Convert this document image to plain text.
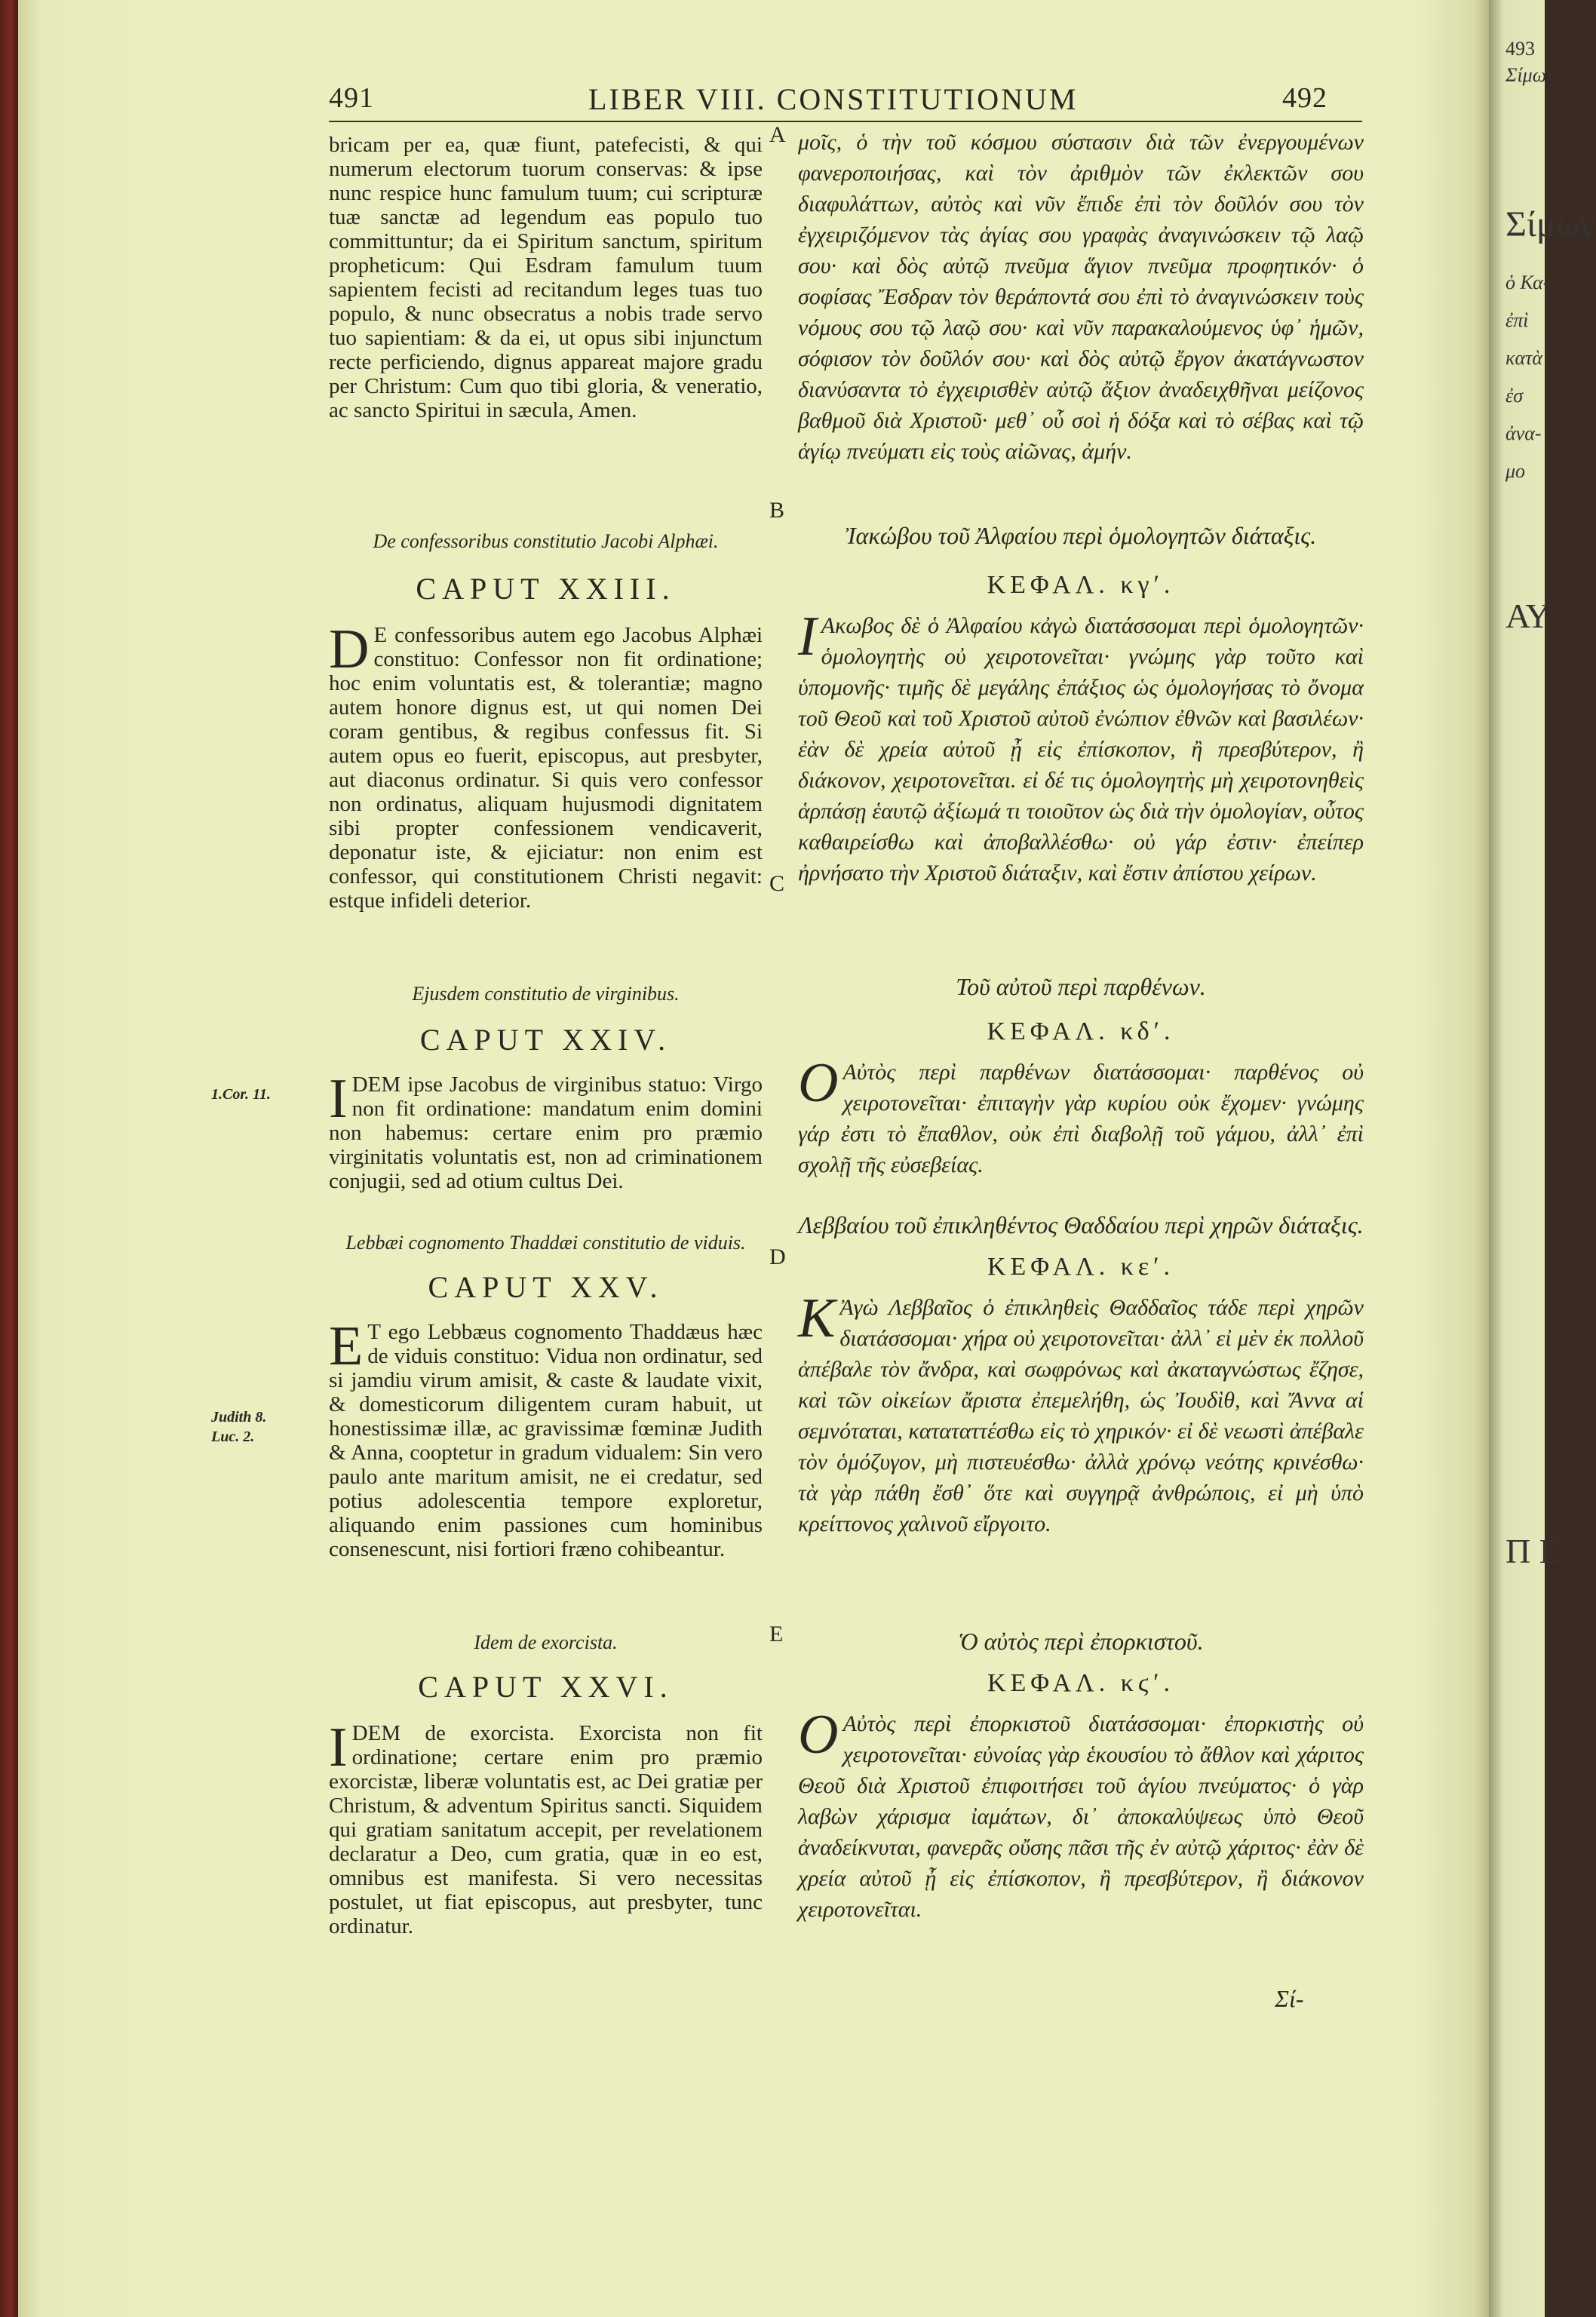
491	LIBER VIII. CONSTITUTIONUM	492
A
B
C
D
E
1.Cor. 11.
Judith 8.
Luc. 2.

bricam per ea, quæ fiunt, patefecisti, & qui numerum electorum tuorum conservas: & ipse nunc respice hunc famulum tuum; cui scripturæ tuæ sanctæ ad legendum eas populo tuo committuntur; da ei Spiritum sanctum, spiritum propheticum: Qui Esdram famulum tuum sapientem fecisti ad recitandum leges tuas tuo populo, & nunc obsecratus a nobis trade servo tuo sapientiam: & da ei, ut opus sibi injunctum recte perficiendo, dignus appareat majore gradu per Christum: Cum quo tibi gloria, & veneratio, ac sancto Spiritui in sæcula, Amen.

De confessoribus constitutio Jacobi Alphæi.

CAPUT XXIII.

D E confessoribus autem ego Jacobus Alphæi constituo: Confessor non fit ordinatione; hoc enim voluntatis est, & tolerantiæ; magno autem honore dignus est, ut qui nomen Dei coram gentibus, & regibus confessus fit. Si autem opus eo fuerit, episcopus, aut presbyter, aut diaconus ordinatur. Si quis vero confessor non ordinatus, aliquam hujusmodi dignitatem sibi propter confessionem vendicaverit, deponatur iste, & ejiciatur: non enim est confessor, qui constitutionem Christi negavit: estque infideli deterior.

Ejusdem constitutio de virginibus.

CAPUT XXIV.

IDEM ipse Jacobus de virginibus statuo: Virgo non fit ordinatione: mandatum enim domini non habemus: certare enim pro præmio virginitatis voluntatis est, non ad criminationem conjugii, sed ad otium cultus Dei.

Lebbæi cognomento Thaddæi constitutio de viduis.

CAPUT XXV.

E T ego Lebbæus cognomento Thaddæus hæc de viduis constituo: Vidua non ordinatur, sed si jamdiu virum amisit, & caste & laudate vixit, & domesticorum diligentem curam habuit, ut honestissimæ illæ, ac gravissimæ fœminæ Judith & Anna, cooptetur in gradum vidualem: Sin vero paulo ante maritum amisit, ne ei credatur, sed potius adolescentia tempore exploretur, aliquando enim passiones cum hominibus consenescunt, nisi fortiori fræno cohibeantur.

Idem de exorcista.

CAPUT XXVI.

IDEM de exorcista. Exorcista non fit ordinatione; certare enim pro præmio exorcistæ, liberæ voluntatis est, ac Dei gratiæ per Christum, & adventum Spiritus sancti. Siquidem qui gratiam sanitatum accepit, per revelationem declaratur a Deo, cum gratia, quæ in eo est, omnibus est manifesta. Si vero necessitas postulet, ut fiat episcopus, aut presbyter, tunc ordinatur.

μοῖς, ὁ τὴν τοῦ κόσμου σύστασιν διὰ τῶν ἐνεργουμένων φανεροποιήσας, καὶ τὸν ἀριθμὸν τῶν ἐκλεκτῶν σου διαφυλάττων, αὐτὸς καὶ νῦν ἔπιδε ἐπὶ τὸν δοῦλόν σου τὸν ἐγχειριζόμενον τὰς ἁγίας σου γραφὰς ἀναγινώσκειν τῷ λαῷ σου· καὶ δὸς αὐτῷ πνεῦμα ἅγιον πνεῦμα προφητικόν· ὁ σοφίσας Ἔσδραν τὸν θεράποντά σου ἐπὶ τὸ ἀναγινώσκειν τοὺς νόμους σου τῷ λαῷ σου· καὶ νῦν παρακαλούμενος ὑφ᾽ ἡμῶν, σόφισον τὸν δοῦλόν σου· καὶ δὸς αὐτῷ ἔργον ἀκατάγνωστον διανύσαντα τὸ ἐγχειρισθὲν αὐτῷ ἄξιον ἀναδειχθῆναι μείζονος βαθμοῦ διὰ Χριστοῦ· μεθ᾽ οὗ σοὶ ἡ δόξα καὶ τὸ σέβας καὶ τῷ ἁγίῳ πνεύματι εἰς τοὺς αἰῶνας, ἀμήν.

Ἰακώβου τοῦ Ἀλφαίου περὶ ὁμολογητῶν διάταξις.

ΚΕΦΑΛ. κγʹ.

I Ακωβος δὲ ὁ Ἀλφαίου κἀγὼ διατάσσομαι περὶ ὁμολογητῶν· ὁμολογητὴς οὐ χειροτονεῖται· γνώμης γὰρ τοῦτο καὶ ὑπομονῆς· τιμῆς δὲ μεγάλης ἐπάξιος ὡς ὁμολογήσας τὸ ὄνομα τοῦ Θεοῦ καὶ τοῦ Χριστοῦ αὐτοῦ ἐνώπιον ἐθνῶν καὶ βασιλέων· ἐὰν δὲ χρεία αὐτοῦ ᾖ εἰς ἐπίσκοπον, ἢ πρεσβύτερον, ἢ διάκονον, χειροτονεῖται. εἰ δέ τις ὁμολογητὴς μὴ χειροτονηθεὶς ἁρπάσῃ ἑαυτῷ ἀξίωμά τι τοιοῦτον ὡς διὰ τὴν ὁμολογίαν, οὗτος καθαιρείσθω καὶ ἀποβαλλέσθω· οὐ γάρ ἐστιν· ἐπείπερ ἠρνήσατο τὴν Χριστοῦ διάταξιν, καὶ ἔστιν ἀπίστου χείρων.

Τοῦ αὐτοῦ περὶ παρθένων.

ΚΕΦΑΛ. κδʹ.

O Αὐτὸς περὶ παρθένων διατάσσομαι· παρθένος οὐ χειροτονεῖται· ἐπιταγὴν γὰρ κυρίου οὐκ ἔχομεν· γνώμης γάρ ἐστι τὸ ἔπαθλον, οὐκ ἐπὶ διαβολῇ τοῦ γάμου, ἀλλ᾽ ἐπὶ σχολῇ τῆς εὐσεβείας.

Λεββαίου τοῦ ἐπικληθέντος Θαδδαίου περὶ χηρῶν διάταξις.

ΚΕΦΑΛ. κεʹ.

K Ἀγὼ Λεββαῖος ὁ ἐπικληθεὶς Θαδδαῖος τάδε περὶ χηρῶν διατάσσομαι· χήρα οὐ χειροτονεῖται· ἀλλ᾽ εἰ μὲν ἐκ πολλοῦ ἀπέβαλε τὸν ἄνδρα, καὶ σωφρόνως καὶ ἀκαταγνώστως ἔζησε, καὶ τῶν οἰκείων ἄριστα ἐπεμελήθη, ὡς Ἰουδὶθ, καὶ Ἄννα αἱ σεμνόταται, καταταττέσθω εἰς τὸ χηρικόν· εἰ δὲ νεωστὶ ἀπέβαλε τὸν ὁμόζυγον, μὴ πιστευέσθω· ἀλλὰ χρόνῳ νεότης κρινέσθω· τὰ γὰρ πάθη ἔσθ᾽ ὅτε καὶ συγγηρᾷ ἀνθρώποις, εἰ μὴ ὑπὸ κρείττονος χαλινοῦ εἴργοιτο.

Ὁ αὐτὸς περὶ ἐπορκιστοῦ.

ΚΕΦΑΛ. κϛʹ.

O Αὐτὸς περὶ ἐπορκιστοῦ διατάσσομαι· ἐπορκιστὴς οὐ χειροτονεῖται· εὐνοίας γὰρ ἑκουσίου τὸ ἄθλον καὶ χάριτος Θεοῦ διὰ Χριστοῦ ἐπιφοιτήσει τοῦ ἁγίου πνεύματος· ὁ γὰρ λαβὼν χάρισμα ἰαμάτων, δι᾽ ἀποκαλύψεως ὑπὸ Θεοῦ ἀναδείκνυται, φανερᾶς οὔσης πᾶσι τῆς ἐν αὐτῷ χάριτος· ἐὰν δὲ χρεία αὐτοῦ ᾖ εἰς ἐπίσκοπον, ἢ πρεσβύτερον, ἢ διάκονον χειροτονεῖται.

Σί-
493
Σίμων
Σίμων
ὁ Κα-
ἐπὶ
κατὰ
ἐσ
ἀνα-
μο
ΑΥ
Π Ε
